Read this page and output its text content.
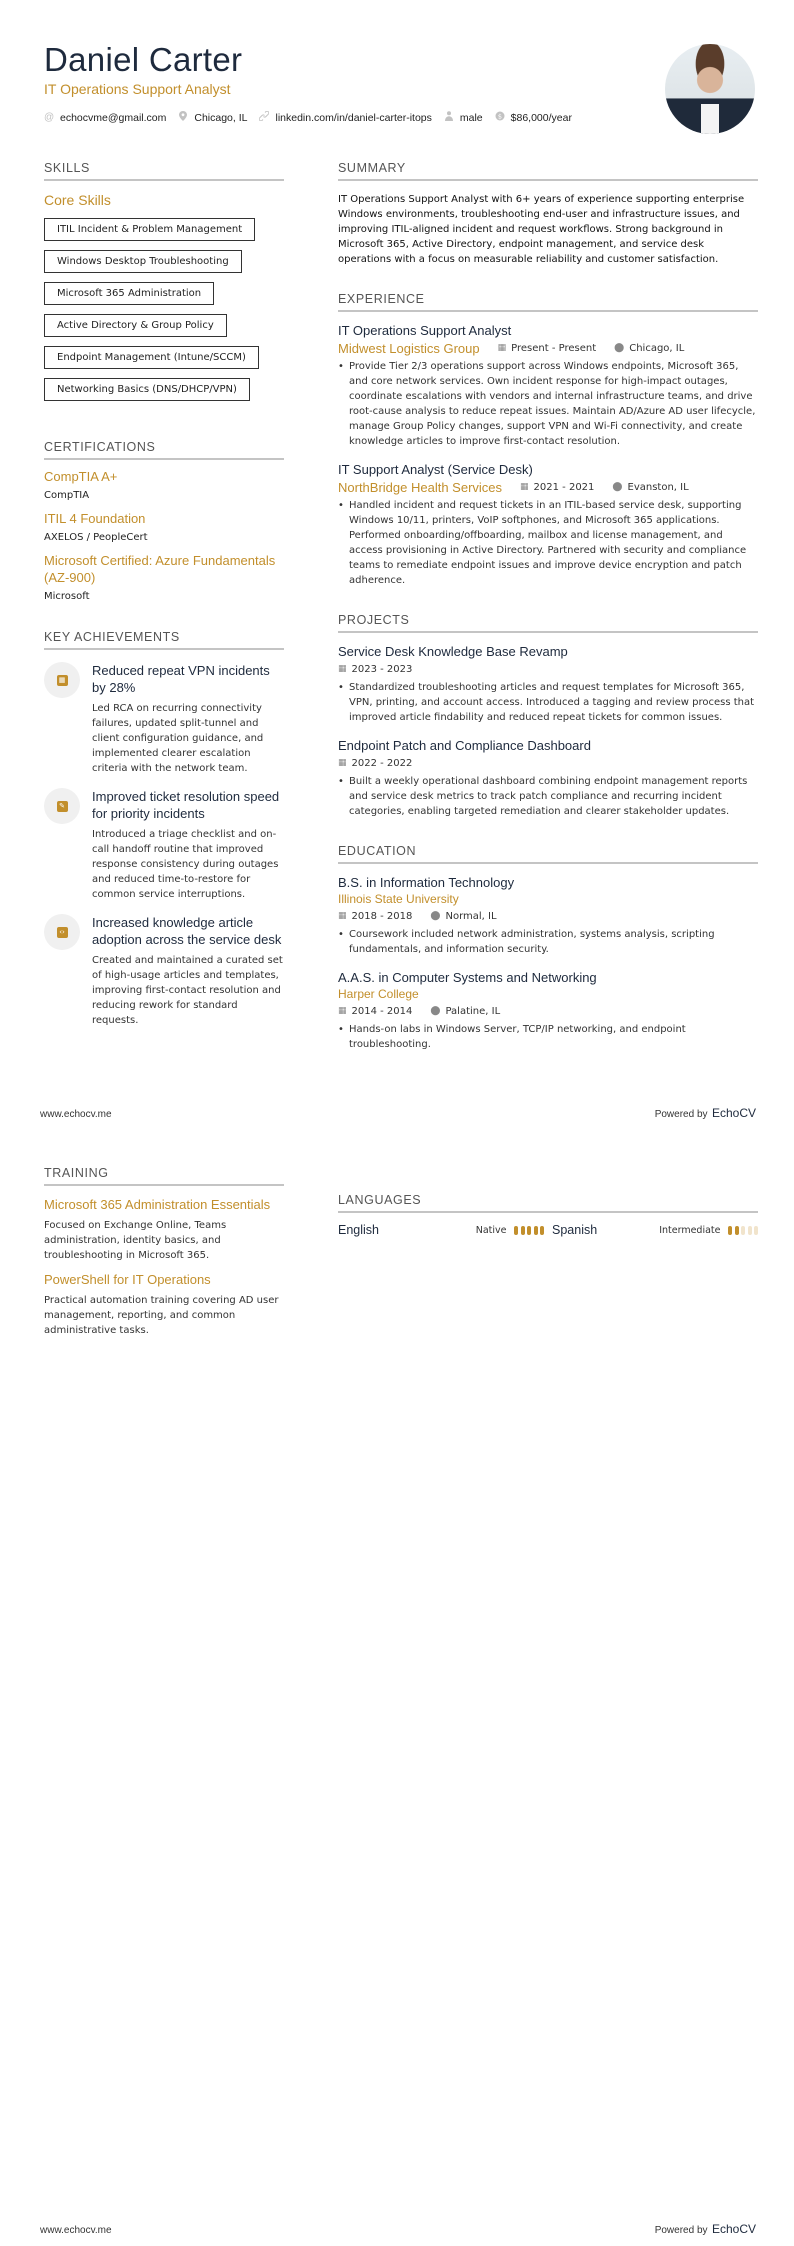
Daniel Carter
IT Operations Support Analyst
@ echocvme@gmail.com	Chicago, IL	linkedin.com/in/daniel-carter-itops	male $ $86,000/year
SKILLS
Core Skills
ITIL Incident & Problem Management
Windows Desktop Troubleshooting
Microsoft 365 Administration
Active Directory & Group Policy
Endpoint Management (Intune/SCCM)
Networking Basics (DNS/DHCP/VPN)
CERTIFICATIONS
CompTIA A+
CompTIA
ITIL 4 Foundation
AXELOS / PeopleCert
Microsoft Certified: Azure Fundamentals (AZ-900)
Microsoft
KEY ACHIEVEMENTS
▦
Reduced repeat VPN incidents by 28%
Led RCA on recurring connectivity failures, updated split-tunnel and client configuration guidance, and implemented clearer escalation criteria with the network team.
✎
Improved ticket resolution speed for priority incidents
Introduced a triage checklist and on-call handoff routine that improved response consistency during outages and reduced time-to-restore for common service interruptions.
‹›
Increased knowledge article adoption across the service desk
Created and maintained a curated set of high-usage articles and templates, improving first-contact resolution and reducing rework for standard requests.
SUMMARY
IT Operations Support Analyst with 6+ years of experience supporting enterprise Windows environments, troubleshooting end-user and infrastructure issues, and improving ITIL-aligned incident and request workflows. Strong background in Microsoft 365, Active Directory, endpoint management, and service desk operations with a focus on measurable reliability and customer satisfaction.
EXPERIENCE
IT Operations Support Analyst
Midwest Logistics Group ▦ Present - Present ⬤ Chicago, IL
• Provide Tier 2/3 operations support across Windows endpoints, Microsoft 365, and core network services. Own incident response for high-impact outages, coordinate escalations with vendors and internal infrastructure teams, and drive root-cause analysis to reduce repeat issues. Maintain AD/Azure AD user lifecycle, manage Group Policy changes, support VPN and Wi-Fi connectivity, and create knowledge articles to improve first-contact resolution.
IT Support Analyst (Service Desk)
NorthBridge Health Services ▦ 2021 - 2021 ⬤ Evanston, IL
• Handled incident and request tickets in an ITIL-based service desk, supporting Windows 10/11, printers, VoIP softphones, and Microsoft 365 applications. Performed onboarding/offboarding, mailbox and license management, and access provisioning in Active Directory. Partnered with security and compliance teams to remediate endpoint issues and improve device encryption and patch adherence.
PROJECTS
Service Desk Knowledge Base Revamp
▦ 2023 - 2023
• Standardized troubleshooting articles and request templates for Microsoft 365, VPN, printing, and account access. Introduced a tagging and review process that improved article findability and reduced repeat tickets for common issues.
Endpoint Patch and Compliance Dashboard
▦ 2022 - 2022
• Built a weekly operational dashboard combining endpoint management reports and service desk metrics to track patch compliance and recurring incident categories, enabling targeted remediation and clearer stakeholder updates.
EDUCATION
B.S. in Information Technology
Illinois State University
▦ 2018 - 2018 ⬤ Normal, IL
• Coursework included network administration, systems analysis, scripting fundamentals, and information security.
A.A.S. in Computer Systems and Networking
Harper College
▦ 2014 - 2014 ⬤ Palatine, IL
• Hands-on labs in Windows Server, TCP/IP networking, and endpoint troubleshooting.
www.echocv.me	Powered by EchoCV
TRAINING
Microsoft 365 Administration Essentials
Focused on Exchange Online, Teams administration, identity basics, and troubleshooting in Microsoft 365.
PowerShell for IT Operations
Practical automation training covering AD user management, reporting, and common administrative tasks.
LANGUAGES
English	Native	Spanish	Intermediate
www.echocv.me	Powered by EchoCV
